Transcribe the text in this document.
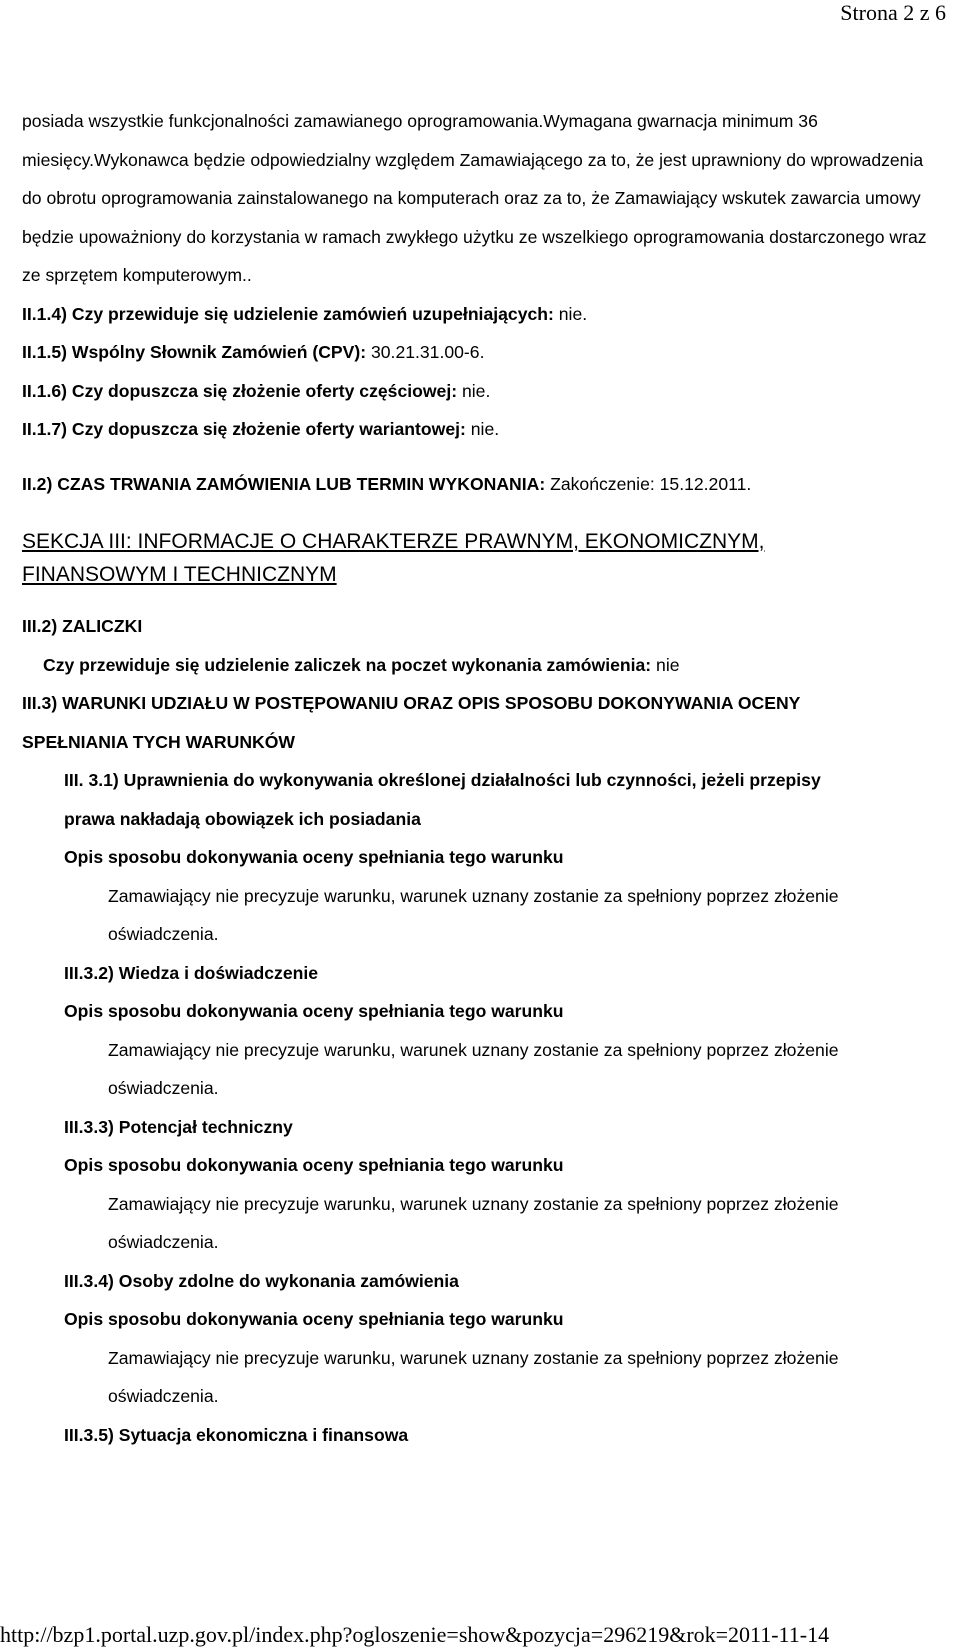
Strona 2 z 6

posiada wszystkie funkcjonalności zamawianego oprogramowania.Wymagana gwarnacja minimum 36 miesięcy.Wykonawca będzie odpowiedzialny względem Zamawiającego za to, że jest uprawniony do wprowadzenia do obrotu oprogramowania zainstalowanego na komputerach oraz za to, że Zamawiający wskutek zawarcia umowy będzie upoważniony do korzystania w ramach zwykłego użytku ze wszelkiego oprogramowania dostarczonego wraz ze sprzętem komputerowym..

II.1.4) Czy przewiduje się udzielenie zamówień uzupełniających: nie.

II.1.5) Wspólny Słownik Zamówień (CPV): 30.21.31.00-6.

II.1.6) Czy dopuszcza się złożenie oferty częściowej: nie.

II.1.7) Czy dopuszcza się złożenie oferty wariantowej: nie.

II.2) CZAS TRWANIA ZAMÓWIENIA LUB TERMIN WYKONANIA: Zakończenie: 15.12.2011.

SEKCJA III: INFORMACJE O CHARAKTERZE PRAWNYM, EKONOMICZNYM,
FINANSOWYM I TECHNICZNYM

III.2) ZALICZKI

Czy przewiduje się udzielenie zaliczek na poczet wykonania zamówienia: nie

III.3) WARUNKI UDZIAŁU W POSTĘPOWANIU ORAZ OPIS SPOSOBU DOKONYWANIA OCENY

SPEŁNIANIA TYCH WARUNKÓW

III. 3.1) Uprawnienia do wykonywania określonej działalności lub czynności, jeżeli przepisy

prawa nakładają obowiązek ich posiadania

Opis sposobu dokonywania oceny spełniania tego warunku

Zamawiający nie precyzuje warunku, warunek uznany zostanie za spełniony poprzez złożenie

oświadczenia.

III.3.2) Wiedza i doświadczenie

Opis sposobu dokonywania oceny spełniania tego warunku

Zamawiający nie precyzuje warunku, warunek uznany zostanie za spełniony poprzez złożenie

oświadczenia.

III.3.3) Potencjał techniczny

Opis sposobu dokonywania oceny spełniania tego warunku

Zamawiający nie precyzuje warunku, warunek uznany zostanie za spełniony poprzez złożenie

oświadczenia.

III.3.4) Osoby zdolne do wykonania zamówienia

Opis sposobu dokonywania oceny spełniania tego warunku

Zamawiający nie precyzuje warunku, warunek uznany zostanie za spełniony poprzez złożenie

oświadczenia.

III.3.5) Sytuacja ekonomiczna i finansowa

http://bzp1.portal.uzp.gov.pl/index.php?ogloszenie=show&pozycja=296219&rok=2011-11-14
